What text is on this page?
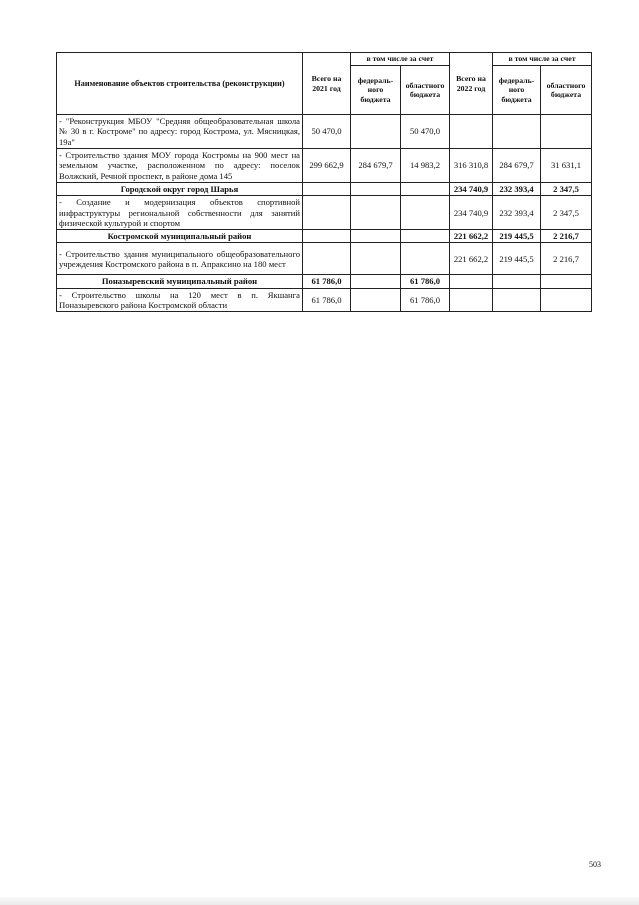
Наименование объектов строительства (реконструкции)	Всего на 2021 год	в том числе за счет		Всего на 2022 год	в том числе за счет	
		федераль-ного бюджета	областного бюджета		федераль-ного бюджета	областного бюджета
- "Реконструкция МБОУ "Средняя общеобразовательная школа № 30 в г. Костроме" по адресу: город Кострома, ул. Мясницкая, 19а"	50 470,0		50 470,0			
- Строительство здания МОУ города Костромы на 900 мест на земельном участке, расположенном по адресу: поселок Волжский, Речной проспект, в районе дома 145	299 662,9	284 679,7	14 983,2	316 310,8	284 679,7	31 631,1
Городской округ город Шарья				234 740,9	232 393,4	2 347,5
- Создание и модернизация объектов спортивной инфраструктуры региональной собственности для занятий физической культурой и спортом				234 740,9	232 393,4	2 347,5
Костромской муниципальный район				221 662,2	219 445,5	2 216,7
- Строительство здания муниципального общеобразовательного учреждения Костромского района в п. Апраксино на 180 мест				221 662,2	219 445,5	2 216,7
Поназыревский муниципальный район	61 786,0		61 786,0			
- Строительство школы на 120 мест в п. Якшанга Поназыревского района Костромской области	61 786,0		61 786,0			
503
